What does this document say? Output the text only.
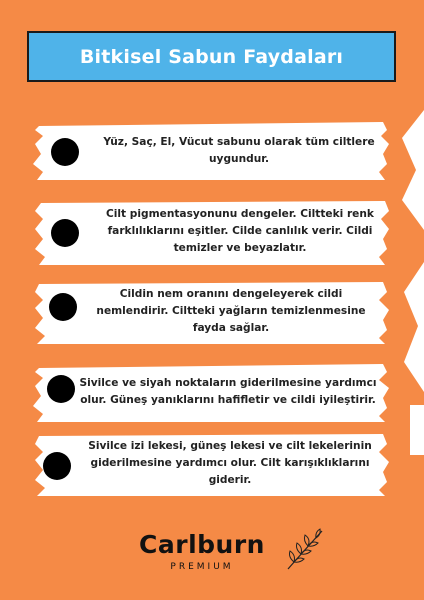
Bitkisel Sabun Faydaları
Yüz, Saç, El, Vücut sabunu olarak tüm ciltlere uygundur.
Cilt pigmentasyonunu dengeler. Ciltteki renk farklılıklarını eşitler. Cilde canlılık verir. Cildi temizler ve beyazlatır.
Cildin nem oranını dengeleyerek cildi nemlendirir. Ciltteki yağların temizlenmesine fayda sağlar.
Sivilce ve siyah noktaların giderilmesine yardımcı olur. Güneş yanıklarını hafifletir ve cildi iyileştirir.
Sivilce izi lekesi, güneş lekesi ve cilt lekelerinin giderilmesine yardımcı olur. Cilt karışıklıklarını giderir.
Carlburn
PREMIUM
